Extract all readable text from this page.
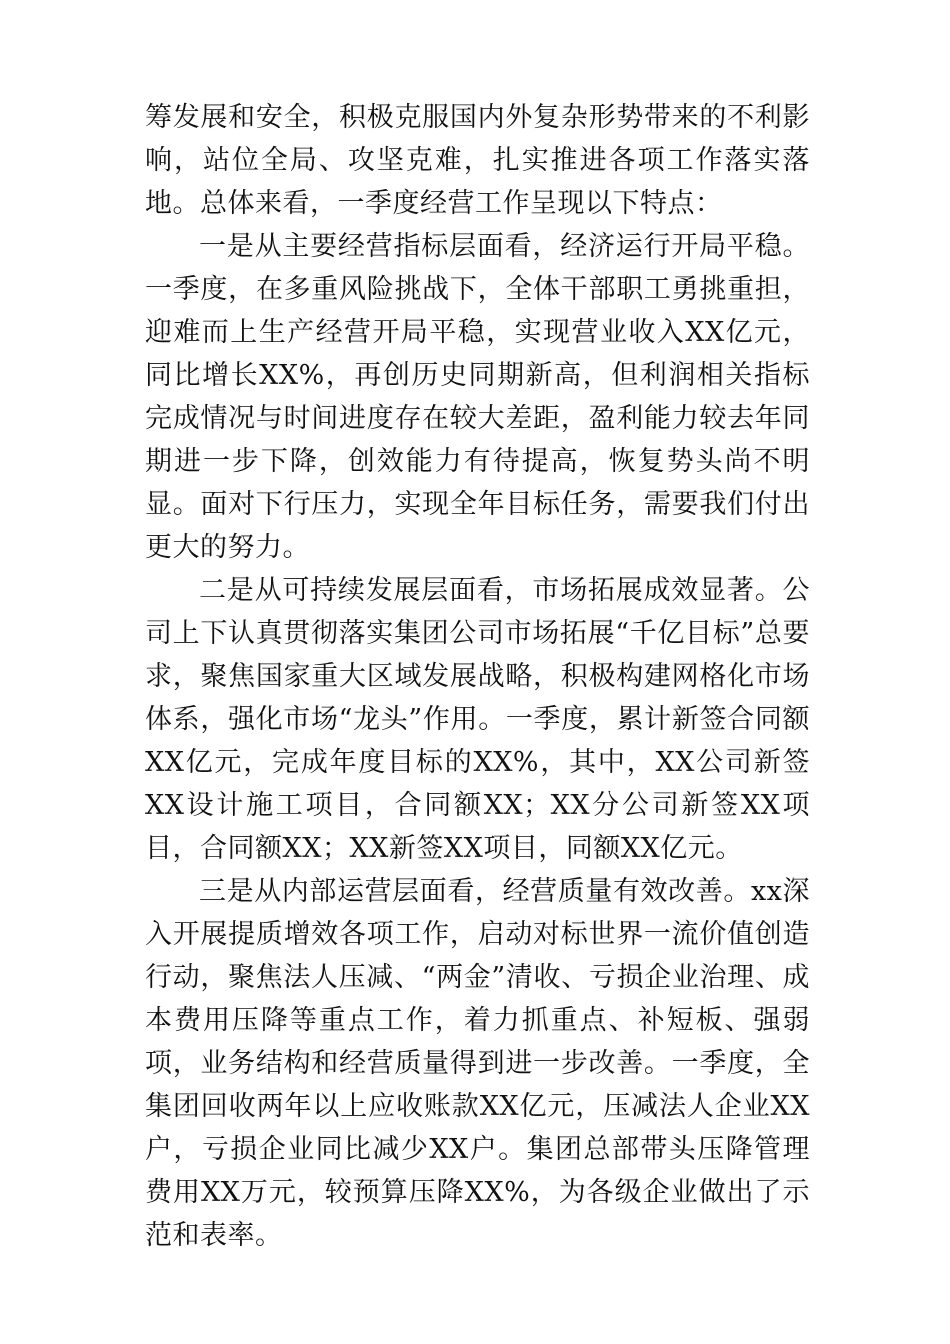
筹发展和安全，积极克服国内外复杂形势带来的不利影响，站位全局、攻坚克难，扎实推进各项工作落实落地。总体来看，一季度经营工作呈现以下特点：

一是从主要经营指标层面看，经济运行开局平稳。一季度，在多重风险挑战下，全体干部职工勇挑重担，迎难而上生产经营开局平稳，实现营业收入XX亿元，同比增长XX%，再创历史同期新高，但利润相关指标完成情况与时间进度存在较大差距，盈利能力较去年同期进一步下降，创效能力有待提高，恢复势头尚不明显。面对下行压力，实现全年目标任务，需要我们付出更大的努力。

二是从可持续发展层面看，市场拓展成效显著。公司上下认真贯彻落实集团公司市场拓展“千亿目标”总要求，聚焦国家重大区域发展战略，积极构建网格化市场体系，强化市场“龙头”作用。一季度，累计新签合同额XX亿元，完成年度目标的XX%，其中，XX公司新签XX设计施工项目，合同额XX；XX分公司新签XX项目，合同额XX；XX新签XX项目，同额XX亿元。

三是从内部运营层面看，经营质量有效改善。xx深入开展提质增效各项工作，启动对标世界一流价值创造行动，聚焦法人压减、“两金”清收、亏损企业治理、成本费用压降等重点工作，着力抓重点、补短板、强弱项，业务结构和经营质量得到进一步改善。一季度，全集团回收两年以上应收账款XX亿元，压减法人企业XX户，亏损企业同比减少XX户。集团总部带头压降管理费用XX万元，较预算压降XX%，为各级企业做出了示范和表率。
